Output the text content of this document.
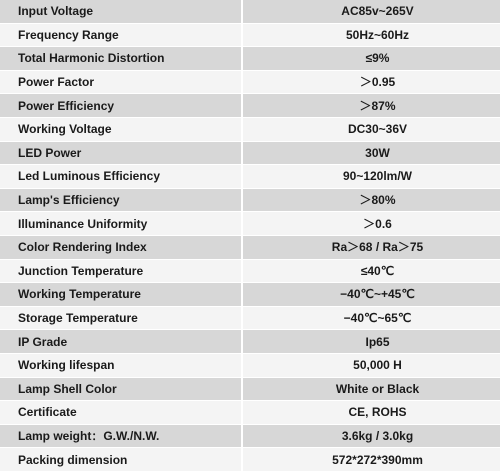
Input Voltage	AC85v~265V
Frequency Range	50Hz~60Hz
Total Harmonic Distortion	≤9%
Power Factor	＞0.95
Power Efficiency	＞87%
Working Voltage	DC30~36V
LED Power	30W
Led Luminous Efficiency	90~120lm/W
Lamp's Efficiency	＞80%
Illuminance Uniformity	＞0.6
Color Rendering Index	Ra＞68 / Ra＞75
Junction Temperature	≤40℃
Working Temperature	−40℃~+45℃
Storage Temperature	−40℃~65℃
IP Grade	Ip65
Working lifespan	50,000 H
Lamp Shell Color	White or Black
Certificate	CE, ROHS
Lamp weight：G.W./N.W.	3.6kg / 3.0kg
Packing dimension	572*272*390mm
